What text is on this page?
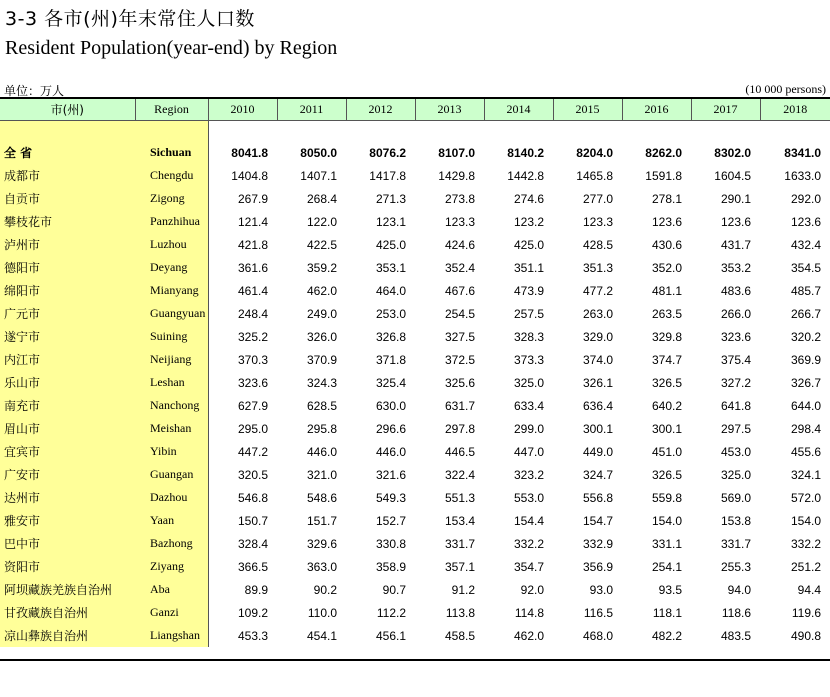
3-3 各市(州)年末常住人口数
Resident Population(year-end) by Region
单位：万人	(10 000 persons)
市(州)	Region	2010	2011	2012	2013	2014	2015	2016	2017	2018

全 省	Sichuan	8041.8	8050.0	8076.2	8107.0	8140.2	8204.0	8262.0	8302.0	8341.0
成都市	Chengdu	1404.8	1407.1	1417.8	1429.8	1442.8	1465.8	1591.8	1604.5	1633.0
自贡市	Zigong	267.9	268.4	271.3	273.8	274.6	277.0	278.1	290.1	292.0
攀枝花市	Panzhihua	121.4	122.0	123.1	123.3	123.2	123.3	123.6	123.6	123.6
泸州市	Luzhou	421.8	422.5	425.0	424.6	425.0	428.5	430.6	431.7	432.4
德阳市	Deyang	361.6	359.2	353.1	352.4	351.1	351.3	352.0	353.2	354.5
绵阳市	Mianyang	461.4	462.0	464.0	467.6	473.9	477.2	481.1	483.6	485.7
广元市	Guangyuan	248.4	249.0	253.0	254.5	257.5	263.0	263.5	266.0	266.7
遂宁市	Suining	325.2	326.0	326.8	327.5	328.3	329.0	329.8	323.6	320.2
内江市	Neijiang	370.3	370.9	371.8	372.5	373.3	374.0	374.7	375.4	369.9
乐山市	Leshan	323.6	324.3	325.4	325.6	325.0	326.1	326.5	327.2	326.7
南充市	Nanchong	627.9	628.5	630.0	631.7	633.4	636.4	640.2	641.8	644.0
眉山市	Meishan	295.0	295.8	296.6	297.8	299.0	300.1	300.1	297.5	298.4
宜宾市	Yibin	447.2	446.0	446.0	446.5	447.0	449.0	451.0	453.0	455.6
广安市	Guangan	320.5	321.0	321.6	322.4	323.2	324.7	326.5	325.0	324.1
达州市	Dazhou	546.8	548.6	549.3	551.3	553.0	556.8	559.8	569.0	572.0
雅安市	Yaan	150.7	151.7	152.7	153.4	154.4	154.7	154.0	153.8	154.0
巴中市	Bazhong	328.4	329.6	330.8	331.7	332.2	332.9	331.1	331.7	332.2
资阳市	Ziyang	366.5	363.0	358.9	357.1	354.7	356.9	254.1	255.3	251.2
阿坝藏族羌族自治州	Aba	89.9	90.2	90.7	91.2	92.0	93.0	93.5	94.0	94.4
甘孜藏族自治州	Ganzi	109.2	110.0	112.2	113.8	114.8	116.5	118.1	118.6	119.6
凉山彝族自治州	Liangshan	453.3	454.1	456.1	458.5	462.0	468.0	482.2	483.5	490.8
